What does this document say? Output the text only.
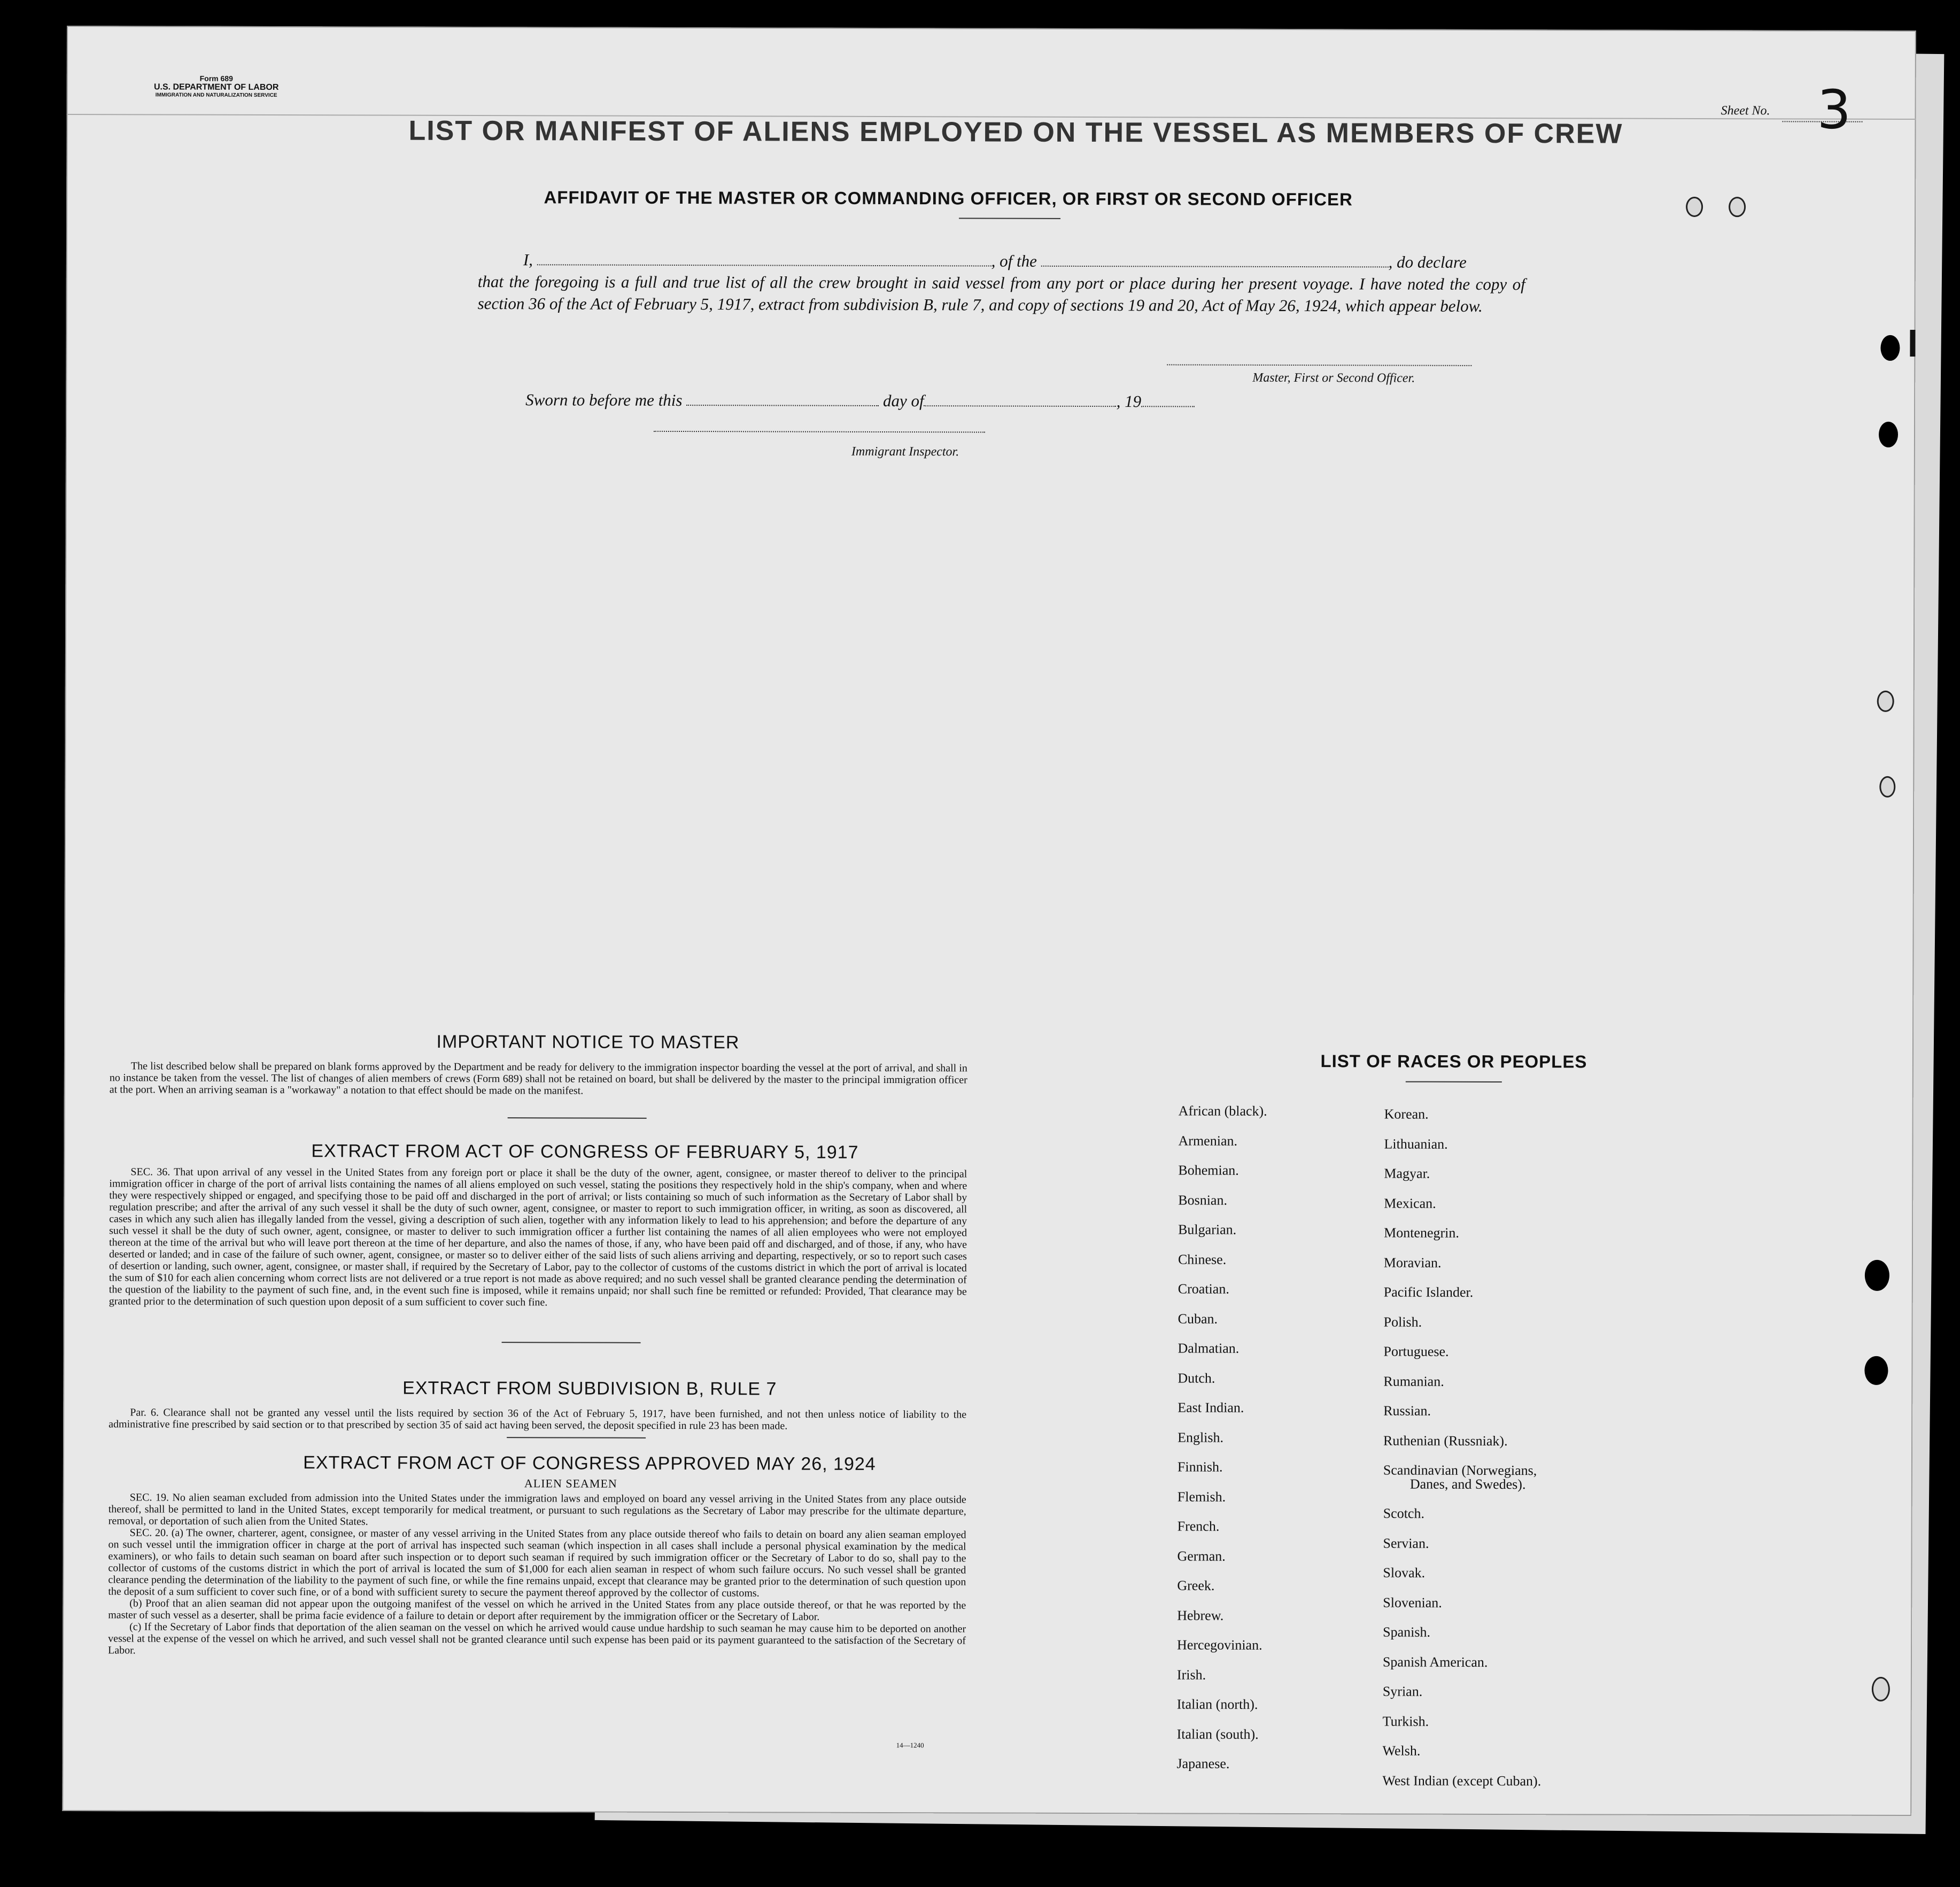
Form 689
U.S. DEPARTMENT OF LABOR
IMMIGRATION AND NATURALIZATION SERVICE
LIST OR MANIFEST OF ALIENS EMPLOYED ON THE VESSEL AS MEMBERS OF CREW
Sheet No. 3
AFFIDAVIT OF THE MASTER OR COMMANDING OFFICER, OR FIRST OR SECOND OFFICER
I,	, of the	, do declare
that the foregoing is a full and true list of all the crew brought in said vessel from any port or place during her present voyage. I have noted the copy of section 36 of the Act of February 5, 1917, extract from subdivision B, rule 7, and copy of sections 19 and 20, Act of May 26, 1924, which appear below.
Master, First or Second Officer.
Sworn to before me this	day of	, 19
Immigrant Inspector.
IMPORTANT NOTICE TO MASTER

The list described below shall be prepared on blank forms approved by the Department and be ready for delivery to the immigration inspector boarding the vessel at the port of arrival, and shall in no instance be taken from the vessel. The list of changes of alien members of crews (Form 689) shall not be retained on board, but shall be delivered by the master to the principal immigration officer at the port. When an arriving seaman is a "workaway" a notation to that effect should be made on the manifest.

EXTRACT FROM ACT OF CONGRESS OF FEBRUARY 5, 1917

SEC. 36. That upon arrival of any vessel in the United States from any foreign port or place it shall be the duty of the owner, agent, consignee, or master thereof to deliver to the principal immigration officer in charge of the port of arrival lists containing the names of all aliens employed on such vessel, stating the positions they respectively hold in the ship's company, when and where they were respectively shipped or engaged, and specifying those to be paid off and discharged in the port of arrival; or lists containing so much of such information as the Secretary of Labor shall by regulation prescribe; and after the arrival of any such vessel it shall be the duty of such owner, agent, consignee, or master to report to such immigration officer, in writing, as soon as discovered, all cases in which any such alien has illegally landed from the vessel, giving a description of such alien, together with any information likely to lead to his apprehension; and before the departure of any such vessel it shall be the duty of such owner, agent, consignee, or master to deliver to such immigration officer a further list containing the names of all alien employees who were not employed thereon at the time of the arrival but who will leave port thereon at the time of her departure, and also the names of those, if any, who have been paid off and discharged, and of those, if any, who have deserted or landed; and in case of the failure of such owner, agent, consignee, or master so to deliver either of the said lists of such aliens arriving and departing, respectively, or so to report such cases of desertion or landing, such owner, agent, consignee, or master shall, if required by the Secretary of Labor, pay to the collector of customs of the customs district in which the port of arrival is located the sum of $10 for each alien concerning whom correct lists are not delivered or a true report is not made as above required; and no such vessel shall be granted clearance pending the determination of the question of the liability to the payment of such fine, and, in the event such fine is imposed, while it remains unpaid; nor shall such fine be remitted or refunded: Provided, That clearance may be granted prior to the determination of such question upon deposit of a sum sufficient to cover such fine.

EXTRACT FROM SUBDIVISION B, RULE 7

Par. 6. Clearance shall not be granted any vessel until the lists required by section 36 of the Act of February 5, 1917, have been furnished, and not then unless notice of liability to the administrative fine prescribed by said section or to that prescribed by section 35 of said act having been served, the deposit specified in rule 23 has been made.

EXTRACT FROM ACT OF CONGRESS APPROVED MAY 26, 1924
ALIEN SEAMEN

SEC. 19. No alien seaman excluded from admission into the United States under the immigration laws and employed on board any vessel arriving in the United States from any place outside thereof, shall be permitted to land in the United States, except temporarily for medical treatment, or pursuant to such regulations as the Secretary of Labor may prescribe for the ultimate departure, removal, or deportation of such alien from the United States.

SEC. 20. (a) The owner, charterer, agent, consignee, or master of any vessel arriving in the United States from any place outside thereof who fails to detain on board any alien seaman employed on such vessel until the immigration officer in charge at the port of arrival has inspected such seaman (which inspection in all cases shall include a personal physical examination by the medical examiners), or who fails to detain such seaman on board after such inspection or to deport such seaman if required by such immigration officer or the Secretary of Labor to do so, shall pay to the collector of customs of the customs district in which the port of arrival is located the sum of $1,000 for each alien seaman in respect of whom such failure occurs. No such vessel shall be granted clearance pending the determination of the liability to the payment of such fine, or while the fine remains unpaid, except that clearance may be granted prior to the determination of such question upon the deposit of a sum sufficient to cover such fine, or of a bond with sufficient surety to secure the payment thereof approved by the collector of customs.

(b) Proof that an alien seaman did not appear upon the outgoing manifest of the vessel on which he arrived in the United States from any place outside thereof, or that he was reported by the master of such vessel as a deserter, shall be prima facie evidence of a failure to detain or deport after requirement by the immigration officer or the Secretary of Labor.

(c) If the Secretary of Labor finds that deportation of the alien seaman on the vessel on which he arrived would cause undue hardship to such seaman he may cause him to be deported on another vessel at the expense of the vessel on which he arrived, and such vessel shall not be granted clearance until such expense has been paid or its payment guaranteed to the satisfaction of the Secretary of Labor.

14—1240
LIST OF RACES OR PEOPLES
African (black).
Armenian.
Bohemian.
Bosnian.
Bulgarian.
Chinese.
Croatian.
Cuban.
Dalmatian.
Dutch.
East Indian.
English.
Finnish.
Flemish.
French.
German.
Greek.
Hebrew.
Hercegovinian.
Irish.
Italian (north).
Italian (south).
Japanese.
Korean.
Lithuanian.
Magyar.
Mexican.
Montenegrin.
Moravian.
Pacific Islander.
Polish.
Portuguese.
Rumanian.
Russian.
Ruthenian (Russniak).
Scandinavian (Norwegians,
Danes, and Swedes).
Scotch.
Servian.
Slovak.
Slovenian.
Spanish.
Spanish American.
Syrian.
Turkish.
Welsh.
West Indian (except Cuban).
